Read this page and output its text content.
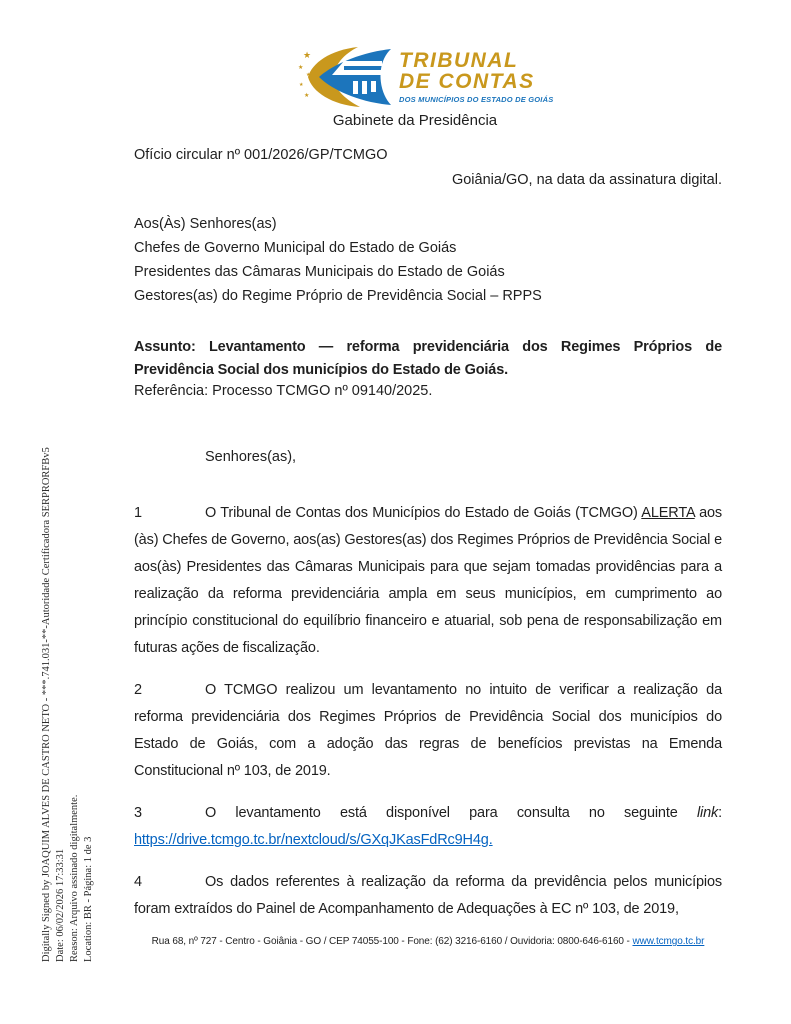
★
★
★
★
★
TRIBUNAL
DE CONTAS
DOS MUNICÍPIOS DO ESTADO DE GOIÁS
Gabinete da Presidência
Ofício circular nº 001/2026/GP/TCMGO
Goiânia/GO, na data da assinatura digital.
Aos(Às) Senhores(as)
Chefes de Governo Municipal do Estado de Goiás
Presidentes das Câmaras Municipais do Estado de Goiás
Gestores(as) do Regime Próprio de Previdência Social – RPPS
Assunto: Levantamento — reforma previdenciária dos Regimes Próprios de Previdência Social dos municípios do Estado de Goiás.
Referência: Processo TCMGO nº 09140/2025.
Senhores(as),

1	O Tribunal de Contas dos Municípios do Estado de Goiás (TCMGO) ALERTA aos (às) Chefes de Governo, aos(as) Gestores(as) dos Regimes Próprios de Previdência Social e aos(às) Presidentes das Câmaras Municipais para que sejam tomadas providências para a realização da reforma previdenciária ampla em seus municípios, em cumprimento ao princípio constitucional do equilíbrio financeiro e atuarial, sob pena de responsabilização em futuras ações de fiscalização.

2	O TCMGO realizou um levantamento no intuito de verificar a realização da reforma previdenciária dos Regimes Próprios de Previdência Social dos municípios do Estado de Goiás, com a adoção das regras de benefícios previstas na Emenda Constitucional nº 103, de 2019.

3	O levantamento está disponível para consulta no seguinte link: https://drive.tcmgo.tc.br/nextcloud/s/GXqJKasFdRc9H4g.

4	Os dados referentes à realização da reforma da previdência pelos municípios foram extraídos do Painel de Acompanhamento de Adequações à EC nº 103, de 2019,

Rua 68, nº 727 - Centro - Goiânia - GO / CEP 74055-100 - Fone: (62) 3216-6160 / Ouvidoria: 0800-646-6160 - www.tcmgo.tc.br
Digitally Signed by JOAQUIM ALVES DE CASTRO NETO - ***.741.031-**-Autoridade Certificadora SERPRORFBv5 Date: 06/02/2026 17:33:31 Reason: Arquivo assinado digitalmente. Location: BR - Página: 1 de 3
